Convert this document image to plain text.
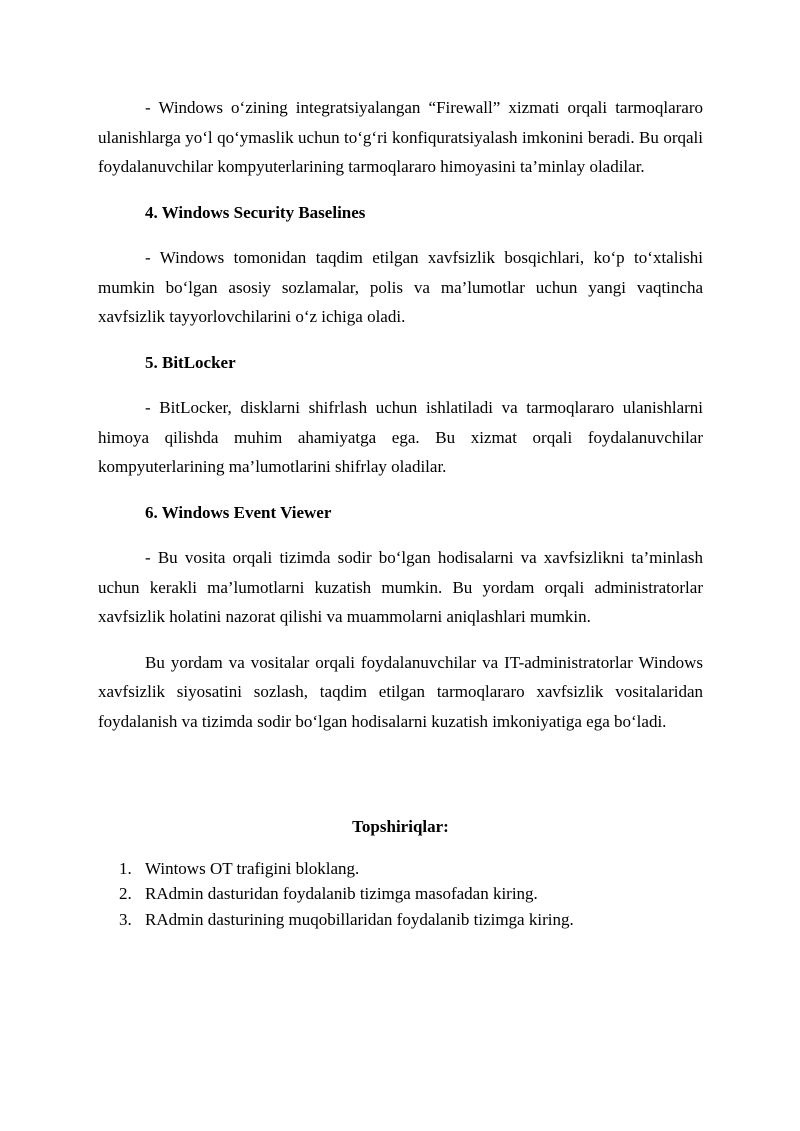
- Windows o‘zining integratsiyalangan “Firewall” xizmati orqali tarmoqlararo ulanishlarga yo‘l qo‘ymaslik uchun to‘g‘ri konfiquratsiyalash imkonini beradi. Bu orqali foydalanuvchilar kompyuterlarining tarmoqlararo himoyasini ta’minlay oladilar.

4. Windows Security Baselines

- Windows tomonidan taqdim etilgan xavfsizlik bosqichlari, ko‘p to‘xtalishi mumkin bo‘lgan asosiy sozlamalar, polis va ma’lumotlar uchun yangi vaqtincha xavfsizlik tayyorlovchilarini o‘z ichiga oladi.

5. BitLocker

- BitLocker, disklarni shifrlash uchun ishlatiladi va tarmoqlararo ulanishlarni himoya qilishda muhim ahamiyatga ega. Bu xizmat orqali foydalanuvchilar kompyuterlarining ma’lumotlarini shifrlay oladilar.

6. Windows Event Viewer

- Bu vosita orqali tizimda sodir bo‘lgan hodisalarni va xavfsizlikni ta’minlash uchun kerakli ma’lumotlarni kuzatish mumkin. Bu yordam orqali administratorlar xavfsizlik holatini nazorat qilishi va muammolarni aniqlashlari mumkin.

Bu yordam va vositalar orqali foydalanuvchilar va IT-administratorlar Windows xavfsizlik siyosatini sozlash, taqdim etilgan tarmoqlararo xavfsizlik vositalaridan foydalanish va tizimda sodir bo‘lgan hodisalarni kuzatish imkoniyatiga ega bo‘ladi.

Topshiriqlar:

1. Wintows OT trafigini bloklang.
2. RAdmin dasturidan foydalanib tizimga masofadan kiring.
3. RAdmin dasturining muqobillaridan foydalanib tizimga kiring.
